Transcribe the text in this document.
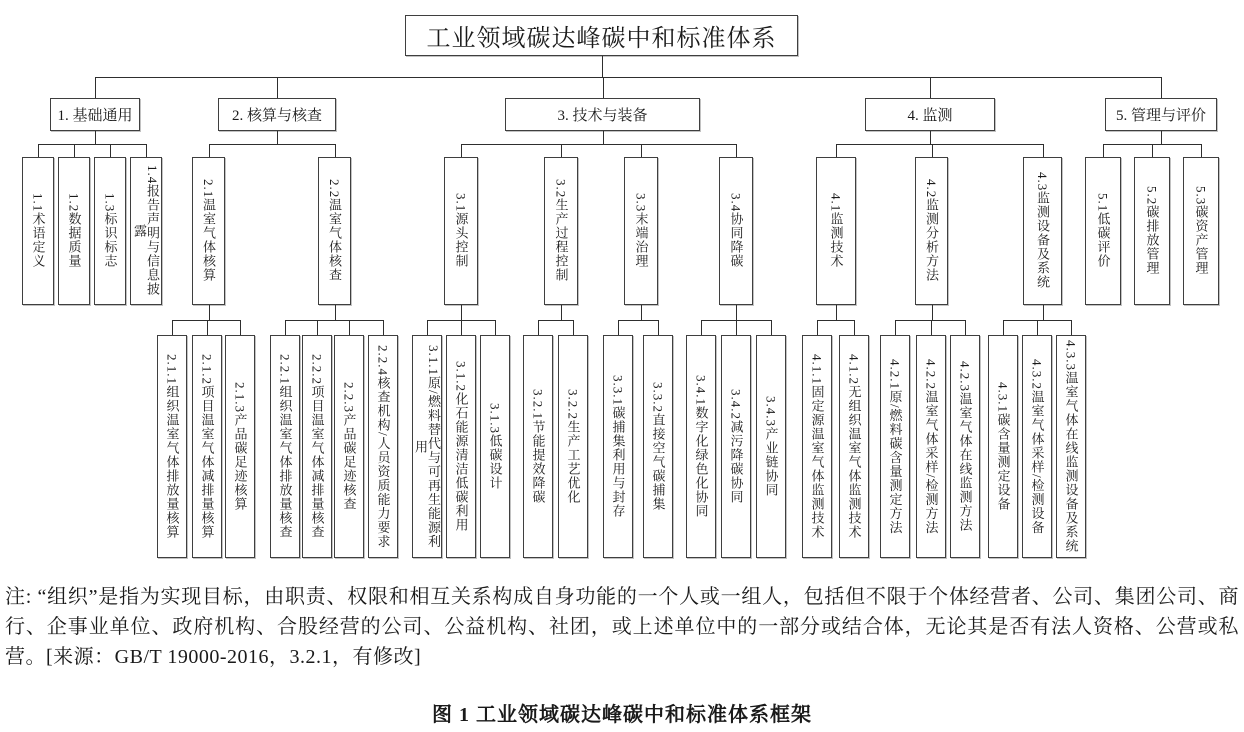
工业领域碳达峰碳中和标准体系
1. 基础通用	2. 核算与核查	3. 技术与装备	4. 监测	5. 管理与评价
1.1术语定义	1.2数据质量	1.3标识标志	1.4报告声明与信息披露	2.1温室气体核算	2.2温室气体核查	3.1源头控制	3.2生产过程控制	3.3末端治理	3.4协同降碳	4.1监测技术	4.2监测分析方法	4.3监测设备及系统	5.1低碳评价	5.2碳排放管理	5.3碳资产管理
2.1.1组织温室气体排放量核算	2.1.2项目温室气体减排量核算	2.1.3产品碳足迹核算	2.2.1组织温室气体排放量核查	2.2.2项目温室气体减排量核查	2.2.3产品碳足迹核查	2.2.4核查机构/人员资质能力要求	3.1.1原/燃料替代与可再生能源利用	3.1.2化石能源清洁低碳利用	3.1.3低碳设计	3.2.1节能提效降碳	3.2.2生产工艺优化	3.3.1碳捕集利用与封存	3.3.2直接空气碳捕集	3.4.1数字化绿色化协同	3.4.2减污降碳协同	3.4.3产业链协同	4.1.1固定源温室气体监测技术	4.1.2无组织温室气体监测技术	4.2.1原/燃料碳含量测定方法	4.2.2温室气体采样/检测方法	4.2.3温室气体在线监测方法	4.3.1碳含量测定设备	4.3.2温室气体采样/检测设备	4.3.3温室气体在线监测设备及系统
注: “组织”是指为实现目标，由职责、权限和相互关系构成自身功能的一个人或一组人，包括但不限于个体经营者、公司、集团公司、商行、企事业单位、政府机构、合股经营的公司、公益机构、社团，或上述单位中的一部分或结合体，无论其是否有法人资格、公营或私营。[来源：GB/T 19000-2016，3.2.1，有修改]
图 1 工业领域碳达峰碳中和标准体系框架
